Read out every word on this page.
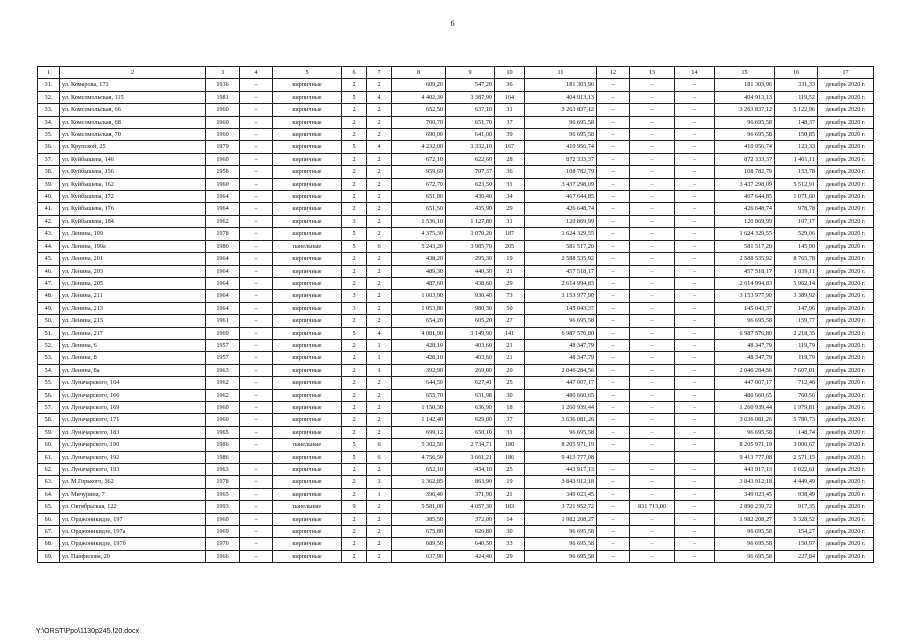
6
1	2	3	4	5	6	7	8	9	10	11	12	13	14	15	16	17
31.	ул. Комарова, 173	1936	–	кирпичные	2	2	609,20	547,20	36	181 303,96	–	–	–	181 303,96	331,33	декабрь 2020 г.
32.	ул. Комсомольская, 115	1981	–	кирпичные	5	4	4 402,30	3 387,90	164	404 913,13	–	–	–	404 913,13	119,52	декабрь 2020 г.
33.	ул. Комсомольская, 66	1960	–	кирпичные	2	2	652,50	637,10	31	3 263 837,12	–	–	–	3 263 837,12	5 122,96	декабрь 2020 г.
34.	ул. Комсомольская, 68	1960	–	кирпичные	2	2	700,70	651,70	37	96 695,58	–	–	–	96 695,58	148,37	декабрь 2020 г.
35.	ул. Комсомольская, 70	1960	–	кирпичные	2	2	690,00	641,00	39	96 695,58	–	–	–	96 695,58	150,85	декабрь 2020 г.
36.	ул. Крупской, 25	1979	–	кирпичные	5	4	4 232,00	3 332,10	167	410 956,74	–	–	–	410 956,74	123,33	декабрь 2020 г.
37.	ул. Куйбышева, 146	1960	–	кирпичные	2	2	672,10	622,60	28	872 333,37	–	–	–	872 333,37	1 401,11	декабрь 2020 г.
38.	ул. Куйбышева, 156	1958	–	кирпичные	2	2	959,69	707,37	36	108 782,79	–	–	–	108 782,79	153,78	декабрь 2020 г.
39.	ул. Куйбышева, 162	1960	–	кирпичные	2	2	672,70	623,50	31	3 437 298,09	–	–	–	3 437 298,09	5 512,91	декабрь 2020 г.
40.	ул. Куйбышева, 172	1964	–	кирпичные	2	2	651,80	436,40	34	467 644,85	–	–	–	467 644,85	1 071,60	декабрь 2020 г.
41.	ул. Куйбышева, 176	1964	–	кирпичные	2	2	651,50	435,90	29	426 648,74	–	–	–	426 648,74	978,78	декабрь 2020 г.
42.	ул. Куйбышева, 184	1962	–	кирпичные	3	2	1 536,10	1 127,80	31	120 869,99	–	–	–	120 869,99	107,17	декабрь 2020 г.
43.	ул. Ленина, 199	1978	–	кирпичные	5	2	4 375,30	3 070,20	187	1 624 329,55	–	–	–	1 624 329,55	529,06	декабрь 2020 г.
44.	ул. Ленина, 199а	1980	–	панельные	5	6	5 243,20	3 985,70	205	581 517,20	–	–	–	581 517,20	145,90	декабрь 2020 г.
45.	ул. Ленина, 201	1964	–	кирпичные	2	2	438,20	295,30	19	2 588 535,92	–	–	–	2 588 535,92	8 765,78	декабрь 2020 г.
46.	ул. Ленина, 203	1964	–	кирпичные	2	2	489,30	440,30	21	457 518,17	–	–	–	457 518,17	1 039,11	декабрь 2020 г.
47.	ул. Ленина, 205	1964	–	кирпичные	2	2	487,60	438,60	29	2 614 994,83	–	–	–	2 614 994,83	5 962,14	декабрь 2020 г.
48.	ул. Ленина, 211	1964	–	кирпичные	3	2	1 003,90	930,40	73	3 153 977,90	–	–	–	3 153 977,90	3 389,92	декабрь 2020 г.
49.	ул. Ленина, 213	1964	–	кирпичные	3	2	1 053,80	980,30	50	145 043,37	–	–	–	145 043,37	147,96	декабрь 2020 г.
50.	ул. Ленина, 215	1961	–	кирпичные	2	2	654,20	605,20	27	96 695,58	–	–	–	96 695,58	159,77	декабрь 2020 г.
51.	ул. Ленина, 217	1969	–	кирпичные	5	4	4 081,90	3 149,90	141	6 987 576,80	–	–	–	6 987 576,80	2 218,35	декабрь 2020 г.
52.	ул. Ленина, 6	1957	–	кирпичные	2	1	428,10	403,60	21	48 347,79	–	–	–	48 347,79	119,79	декабрь 2020 г.
53.	ул. Ленина, 8	1957	–	кирпичные	2	1	428,10	403,60	21	48 347,79	–	–	–	48 347,79	119,79	декабрь 2020 г.
54.	ул. Ленина, 8а	1963	–	кирпичные	2	1	392,90	269,00	20	2 046 284,56	–	–	–	2 046 284,56	7 607,01	декабрь 2020 г.
55.	ул. Луначарского, 164	1962	–	кирпичные	2	2	644,50	627,41	25	447 007,17	–	–	–	447 007,17	712,46	декабрь 2020 г.
56.	ул. Луначарского, 166	1962	–	кирпичные	2	2	655,70	631,98	30	480 660,65	–	–	–	480 660,65	760,56	декабрь 2020 г.
57.	ул. Луначарского, 169	1960	–	кирпичные	2	2	1 150,30	636,90	18	1 260 939,44	–	–	–	1 260 939,44	1 979,81	декабрь 2020 г.
58.	ул. Луначарского, 171	1960	–	кирпичные	2	2	1 142,40	629,00	37	3 636 081,26	–	–	–	3 636 081,26	5 780,73	декабрь 2020 г.
59.	ул. Луначарского, 183	1965	–	кирпичные	2	2	699,12	650,10	31	96 695,58	–	–	–	96 695,58	148,74	декабрь 2020 г.
60.	ул. Луначарского, 190	1986	–	панельные	5	6	5 302,50	2 734,71	180	8 205 971,19	–	–	–	8 205 971,19	3 000,67	декабрь 2020 г.
61.	ул. Луначарского, 192	1986		кирпичные	5	6	4 756,50	3 661,21	186	9 413 777,08				9 413 777,08	2 571,15	декабрь 2020 г.
62.	ул. Луначарского, 193	1963	–	кирпичные	2	2	652,10	434,10	25	443 917,13	–	–	–	443 917,13	1 022,61	декабрь 2020 г.
63.	ул. М.Горького, 362	1978	–	кирпичные	2	3	1 362,85	863,90	19	3 843 912,18	–	–	–	3 843 912,18	4 449,49	декабрь 2020 г.
64.	ул. Мичурина, 7	1965	–	кирпичные	2	1	396,40	371,90	21	349 023,45	–	–	–	349 023,45	938,49	декабрь 2020 г.
65.	ул. Октябрьская, 122	1993	–	панельные	9	2	5 581,00	4 057,30	183	3 721 952,72	–	831 713,00	–	2 890 239,72	917,35	декабрь 2020 г.
66.	ул. Орджоникидзе, 197	1960	–	кирпичные	2	2	385,50	372,00	14	1 982 208,27	–	–	–	1 982 208,27	5 328,52	декабрь 2020 г.
67.	ул. Орджоникидзе, 197а	1969	–	кирпичные	2	2	675,80	626,80	30	96 695,58	–	–	–	96 695,58	154,27	декабрь 2020 г.
68.	ул. Орджоникидзе, 197б	1970	–	кирпичные	2	2	689,50	640,50	33	96 695,58	–	–	–	96 695,58	150,97	декабрь 2020 г.
69.	ул. Панфилова, 20	1966	–	кирпичные	2	2	637,90	424,40	29	96 695,58	–	–	–	96 695,58	227,84	декабрь 2020 г.
Y:\ORST\Ppo\1130p245.f20.docx
